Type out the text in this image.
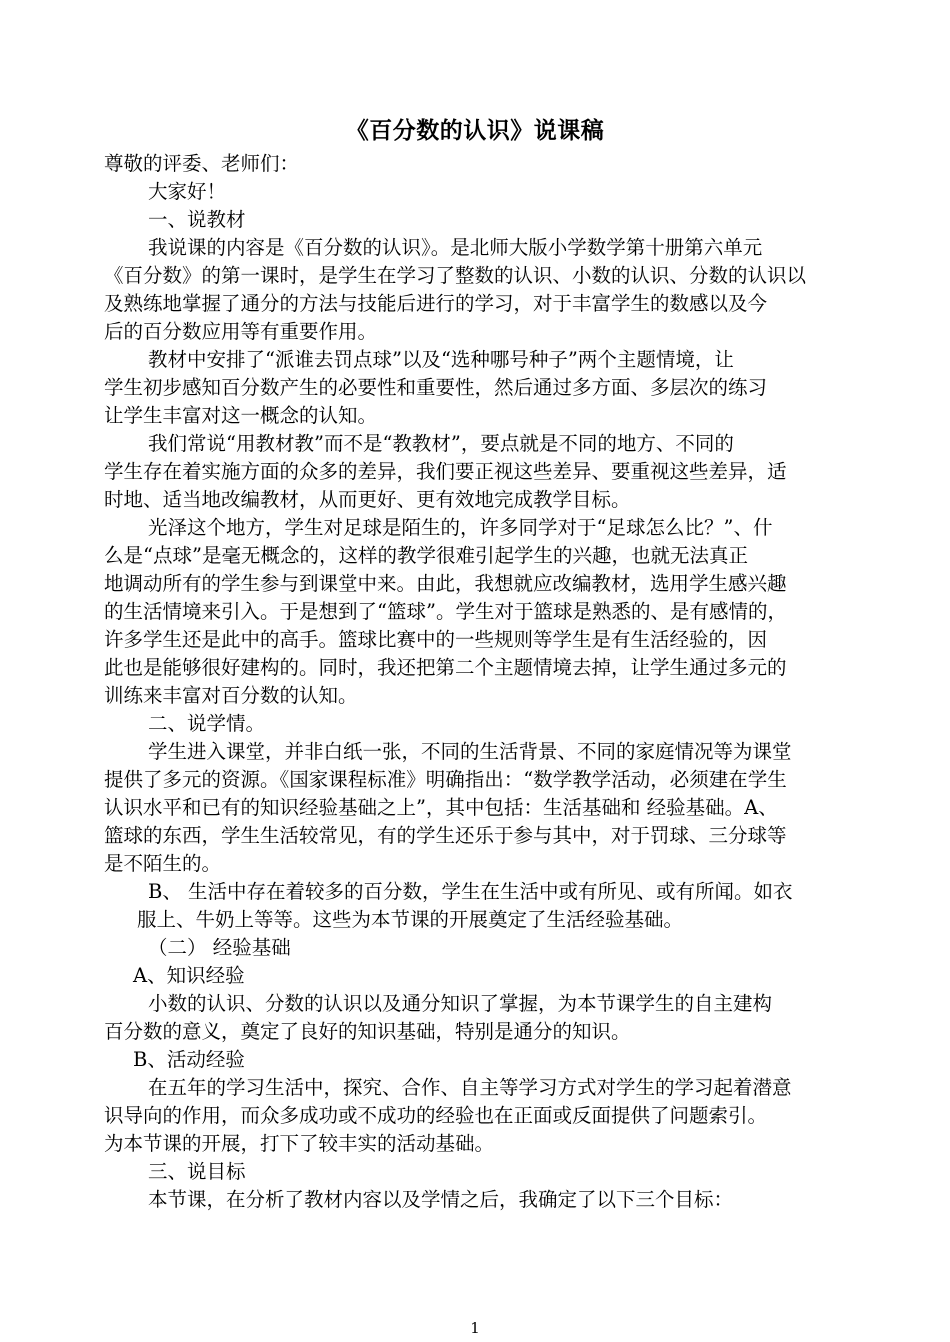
《百分数的认识》说课稿
尊敬的评委、老师们：
大家好！
一、说教材
我说课的内容是《百分数的认识》。是北师大版小学数学第十册第六单元
《百分数》的第一课时，是学生在学习了整数的认识、小数的认识、分数的认识以
及熟练地掌握了通分的方法与技能后进行的学习，对于丰富学生的数感以及今
后的百分数应用等有重要作用。
教材中安排了“派谁去罚点球”以及“选种哪号种子”两个主题情境，让
学生初步感知百分数产生的必要性和重要性，然后通过多方面、多层次的练习
让学生丰富对这一概念的认知。
我们常说“用教材教”而不是“教教材”，要点就是不同的地方、不同的
学生存在着实施方面的众多的差异，我们要正视这些差异、要重视这些差异，适
时地、适当地改编教材，从而更好、更有效地完成教学目标。
光泽这个地方，学生对足球是陌生的，许多同学对于“足球怎么比？”、什
么是“点球”是毫无概念的，这样的教学很难引起学生的兴趣，也就无法真正
地调动所有的学生参与到课堂中来。由此，我想就应改编教材，选用学生感兴趣
的生活情境来引入。于是想到了“篮球”。学生对于篮球是熟悉的、是有感情的，
许多学生还是此中的高手。篮球比赛中的一些规则等学生是有生活经验的，因
此也是能够很好建构的。同时，我还把第二个主题情境去掉，让学生通过多元的
训练来丰富对百分数的认知。
二、说学情。
学生进入课堂，并非白纸一张，不同的生活背景、不同的家庭情况等为课堂
提供了多元的资源。《国家课程标准》明确指出：“数学教学活动，必须建在学生
认识水平和已有的知识经验基础之上”，其中包括：生活基础和 经验基础。A、
篮球的东西，学生生活较常见，有的学生还乐于参与其中，对于罚球、三分球等
是不陌生的。
B、 生活中存在着较多的百分数，学生在生活中或有所见、或有所闻。如衣
服上、牛奶上等等。这些为本节课的开展奠定了生活经验基础。
（二） 经验基础
A、知识经验
小数的认识、分数的认识以及通分知识了掌握，为本节课学生的自主建构
百分数的意义，奠定了良好的知识基础，特别是通分的知识。
B、活动经验
在五年的学习生活中，探究、合作、自主等学习方式对学生的学习起着潜意
识导向的作用，而众多成功或不成功的经验也在正面或反面提供了问题索引。
为本节课的开展，打下了较丰实的活动基础。
三、说目标
本节课，在分析了教材内容以及学情之后，我确定了以下三个目标：
1
